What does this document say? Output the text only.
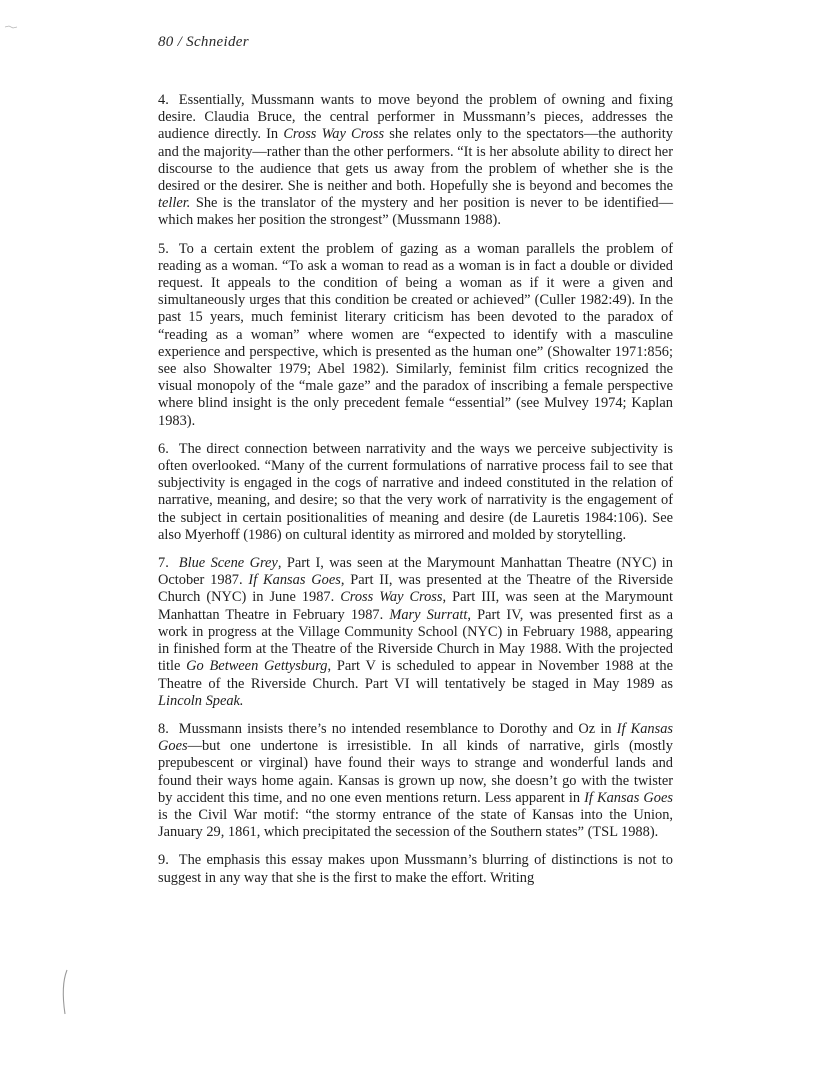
80 / Schneider

4. Essentially, Mussmann wants to move beyond the problem of owning and fixing desire. Claudia Bruce, the central performer in Mussmann’s pieces, addresses the audience directly. In Cross Way Cross she relates only to the spectators—the authority and the majority—rather than the other performers. “It is her absolute ability to direct her discourse to the audience that gets us away from the problem of whether she is the desired or the desirer. She is neither and both. Hopefully she is beyond and becomes the teller. She is the translator of the mystery and her position is never to be identified—which makes her position the strongest” (Mussmann 1988).

5. To a certain extent the problem of gazing as a woman parallels the problem of reading as a woman. “To ask a woman to read as a woman is in fact a double or divided request. It appeals to the condition of being a woman as if it were a given and simultaneously urges that this condition be created or achieved” (Culler 1982:49). In the past 15 years, much feminist literary criticism has been devoted to the paradox of “reading as a woman” where women are “expected to identify with a masculine experience and perspective, which is presented as the human one” (Showalter 1971:856; see also Showalter 1979; Abel 1982). Similarly, feminist film critics recognized the visual monopoly of the “male gaze” and the paradox of inscribing a female perspective where blind insight is the only precedent female “essential” (see Mulvey 1974; Kaplan 1983).

6. The direct connection between narrativity and the ways we perceive subjectivity is often overlooked. “Many of the current formulations of narrative process fail to see that subjectivity is engaged in the cogs of narrative and indeed constituted in the relation of narrative, meaning, and desire; so that the very work of narrativity is the engagement of the subject in certain positionalities of meaning and desire (de Lauretis 1984:106). See also Myerhoff (1986) on cultural identity as mirrored and molded by storytelling.

7. Blue Scene Grey, Part I, was seen at the Marymount Manhattan Theatre (NYC) in October 1987. If Kansas Goes, Part II, was presented at the Theatre of the Riverside Church (NYC) in June 1987. Cross Way Cross, Part III, was seen at the Marymount Manhattan Theatre in February 1987. Mary Surratt, Part IV, was presented first as a work in progress at the Village Community School (NYC) in February 1988, appearing in finished form at the Theatre of the Riverside Church in May 1988. With the projected title Go Between Gettysburg, Part V is scheduled to appear in November 1988 at the Theatre of the Riverside Church. Part VI will tentatively be staged in May 1989 as Lincoln Speak.

8. Mussmann insists there’s no intended resemblance to Dorothy and Oz in If Kansas Goes—but one undertone is irresistible. In all kinds of narrative, girls (mostly prepubescent or virginal) have found their ways to strange and wonderful lands and found their ways home again. Kansas is grown up now, she doesn’t go with the twister by accident this time, and no one even mentions return. Less apparent in If Kansas Goes is the Civil War motif: “the stormy entrance of the state of Kansas into the Union, January 29, 1861, which precipitated the secession of the Southern states” (TSL 1988).

9. The emphasis this essay makes upon Mussmann’s blurring of distinctions is not to suggest in any way that she is the first to make the effort. Writing
